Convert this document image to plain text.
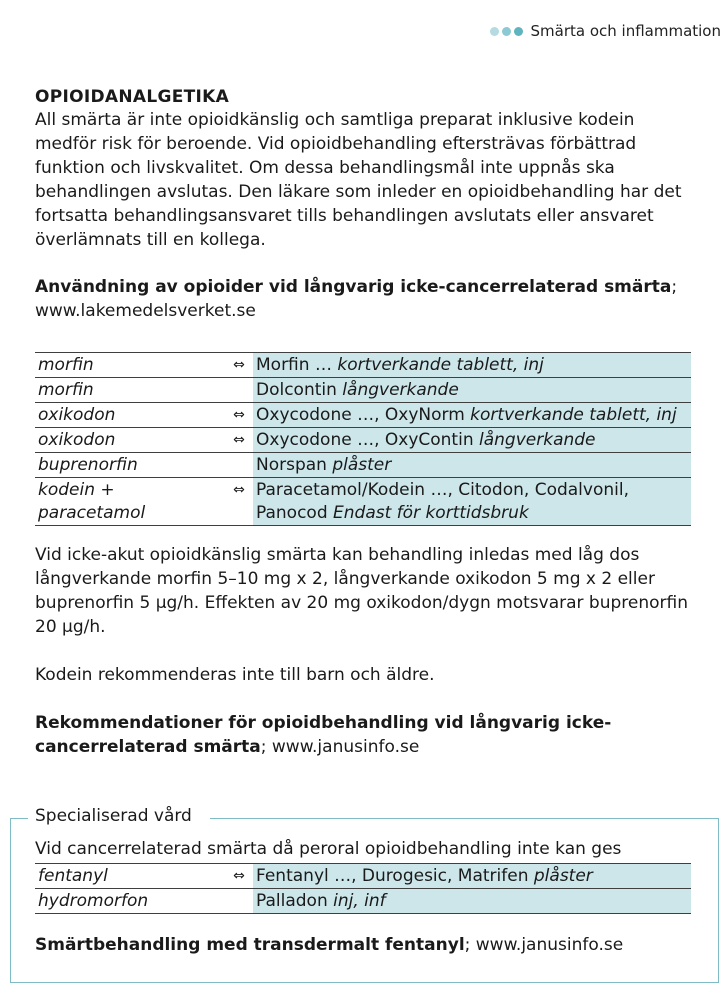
Smärta och inflammation
OPIOIDANALGETIKA

All smärta är inte opioidkänslig och samtliga preparat inklusive kodein medför risk för beroende. Vid opioidbehandling eftersträvas förbättrad funktion och livskvalitet. Om dessa behandlingsmål inte uppnås ska behandlingen avslutas. Den läkare som inleder en opioidbehandling har det fortsatta behandlingsansvaret tills behandlingen avslutats eller ansvaret överlämnats till en kollega.

Användning av opioider vid långvarig icke-cancerrelaterad smärta; www.lakemedelsverket.se

morfin	⇔	Morfin … kortverkande tablett, inj
morfin		Dolcontin långverkande
oxikodon	⇔	Oxycodone …, OxyNorm kortverkande tablett, inj
oxikodon	⇔	Oxycodone …, OxyContin långverkande
buprenorfin		Norspan plåster
kodein + paracetamol	⇔	Paracetamol/Kodein …, Citodon, Codalvonil, Panocod Endast för korttidsbruk

Vid icke-akut opioidkänslig smärta kan behandling inledas med låg dos långverkande morfin 5–10 mg x 2, långverkande oxikodon 5 mg x 2 eller buprenorfin 5 µg/h. Effekten av 20 mg oxikodon/dygn motsvarar buprenorfin 20 µg/h.

Kodein rekommenderas inte till barn och äldre.

Rekommendationer för opioidbehandling vid långvarig icke-cancerrelaterad smärta; www.janusinfo.se

Specialiserad vård

Vid cancerrelaterad smärta då peroral opioidbehandling inte kan ges

fentanyl	⇔	Fentanyl …, Durogesic, Matrifen plåster
hydromorfon		Palladon inj, inf

Smärtbehandling med transdermalt fentanyl; www.janusinfo.se
